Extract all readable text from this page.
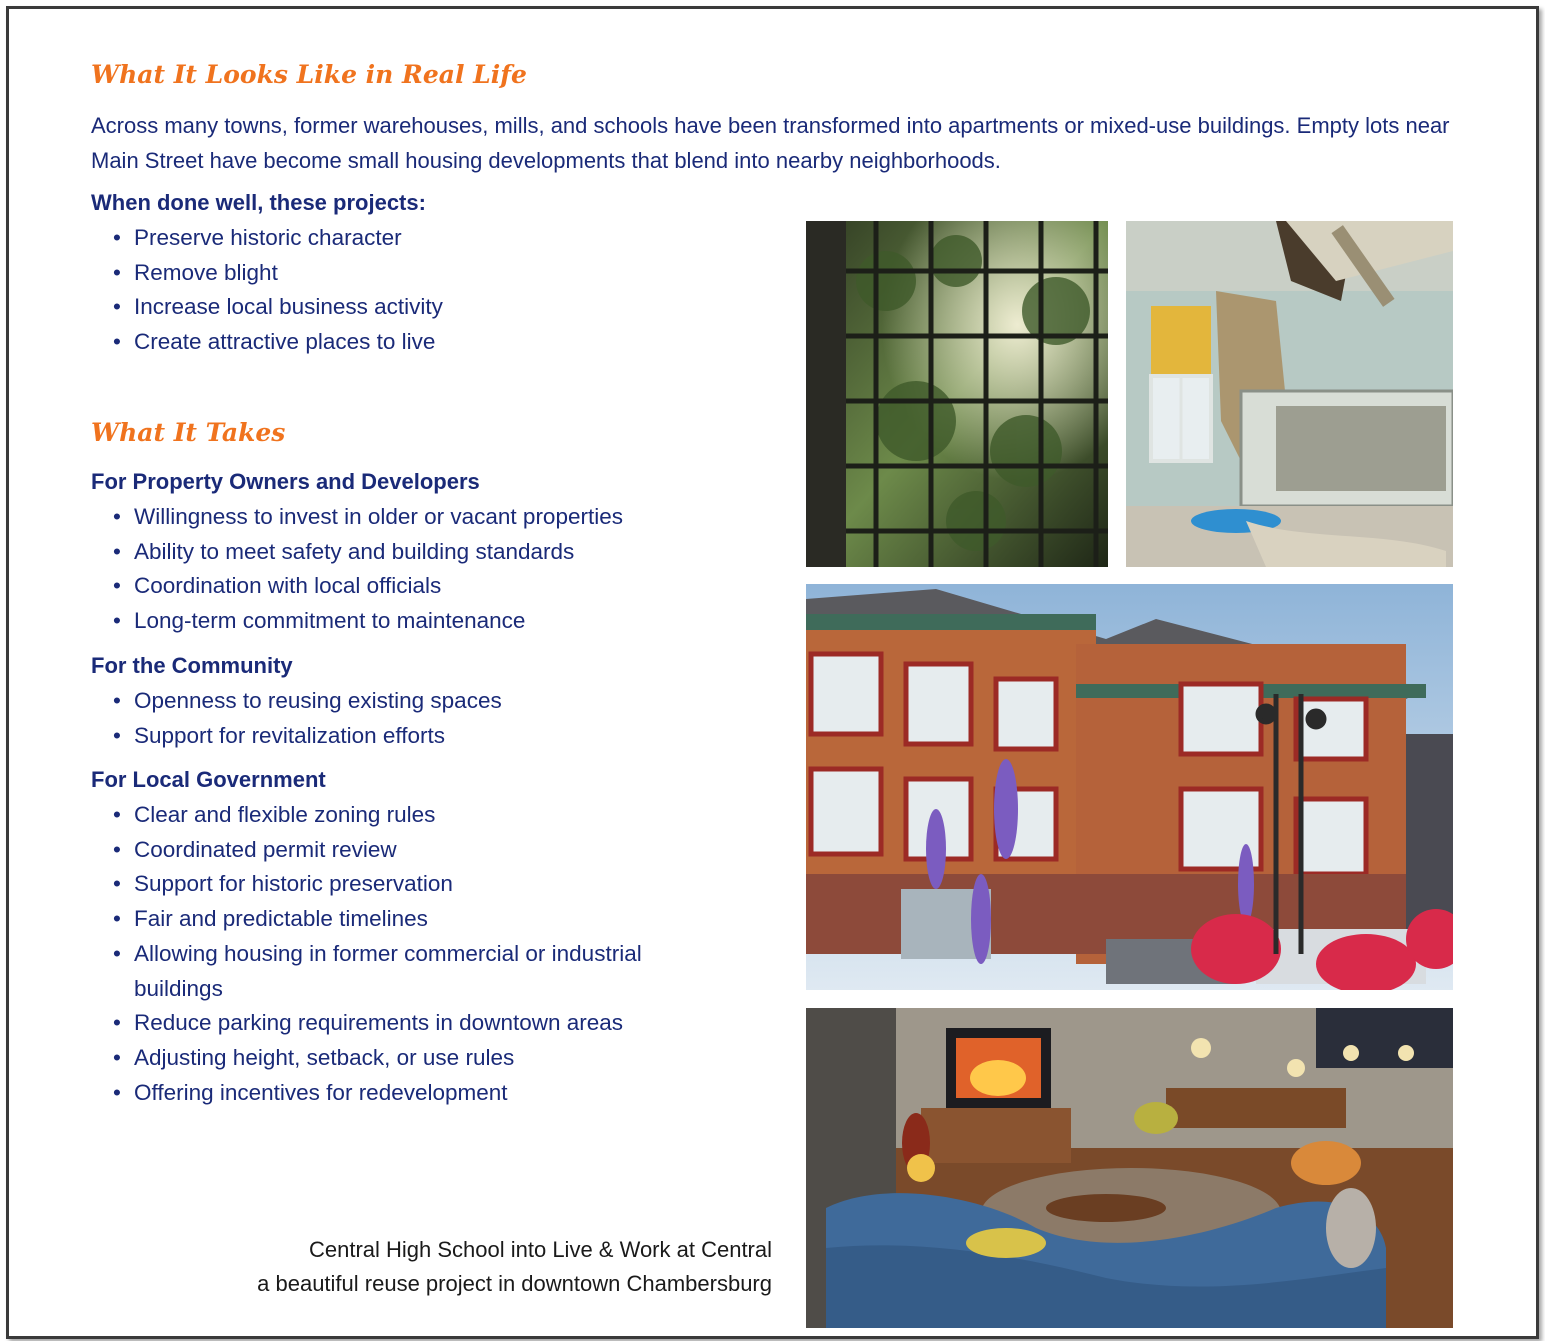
What It Looks Like in Real Life

Across many towns, former warehouses, mills, and schools have been transformed into apartments or mixed-use buildings. Empty lots near Main Street have become small housing developments that blend into nearby neighborhoods.

When done well, these projects:

• Preserve historic character
• Remove blight
• Increase local business activity
• Create attractive places to live
What It Takes

For Property Owners and Developers

• Willingness to invest in older or vacant properties
• Ability to meet safety and building standards
• Coordination with local officials
• Long-term commitment to maintenance

For the Community

• Openness to reusing existing spaces
• Support for revitalization efforts

For Local Government

• Clear and flexible zoning rules
• Coordinated permit review
• Support for historic preservation
• Fair and predictable timelines
• Allowing housing in former commercial or industrial buildings
• Reduce parking requirements in downtown areas
• Adjusting height, setback, or use rules
• Offering incentives for redevelopment
Central High School into Live & Work at Central
a beautiful reuse project in downtown Chambersburg
